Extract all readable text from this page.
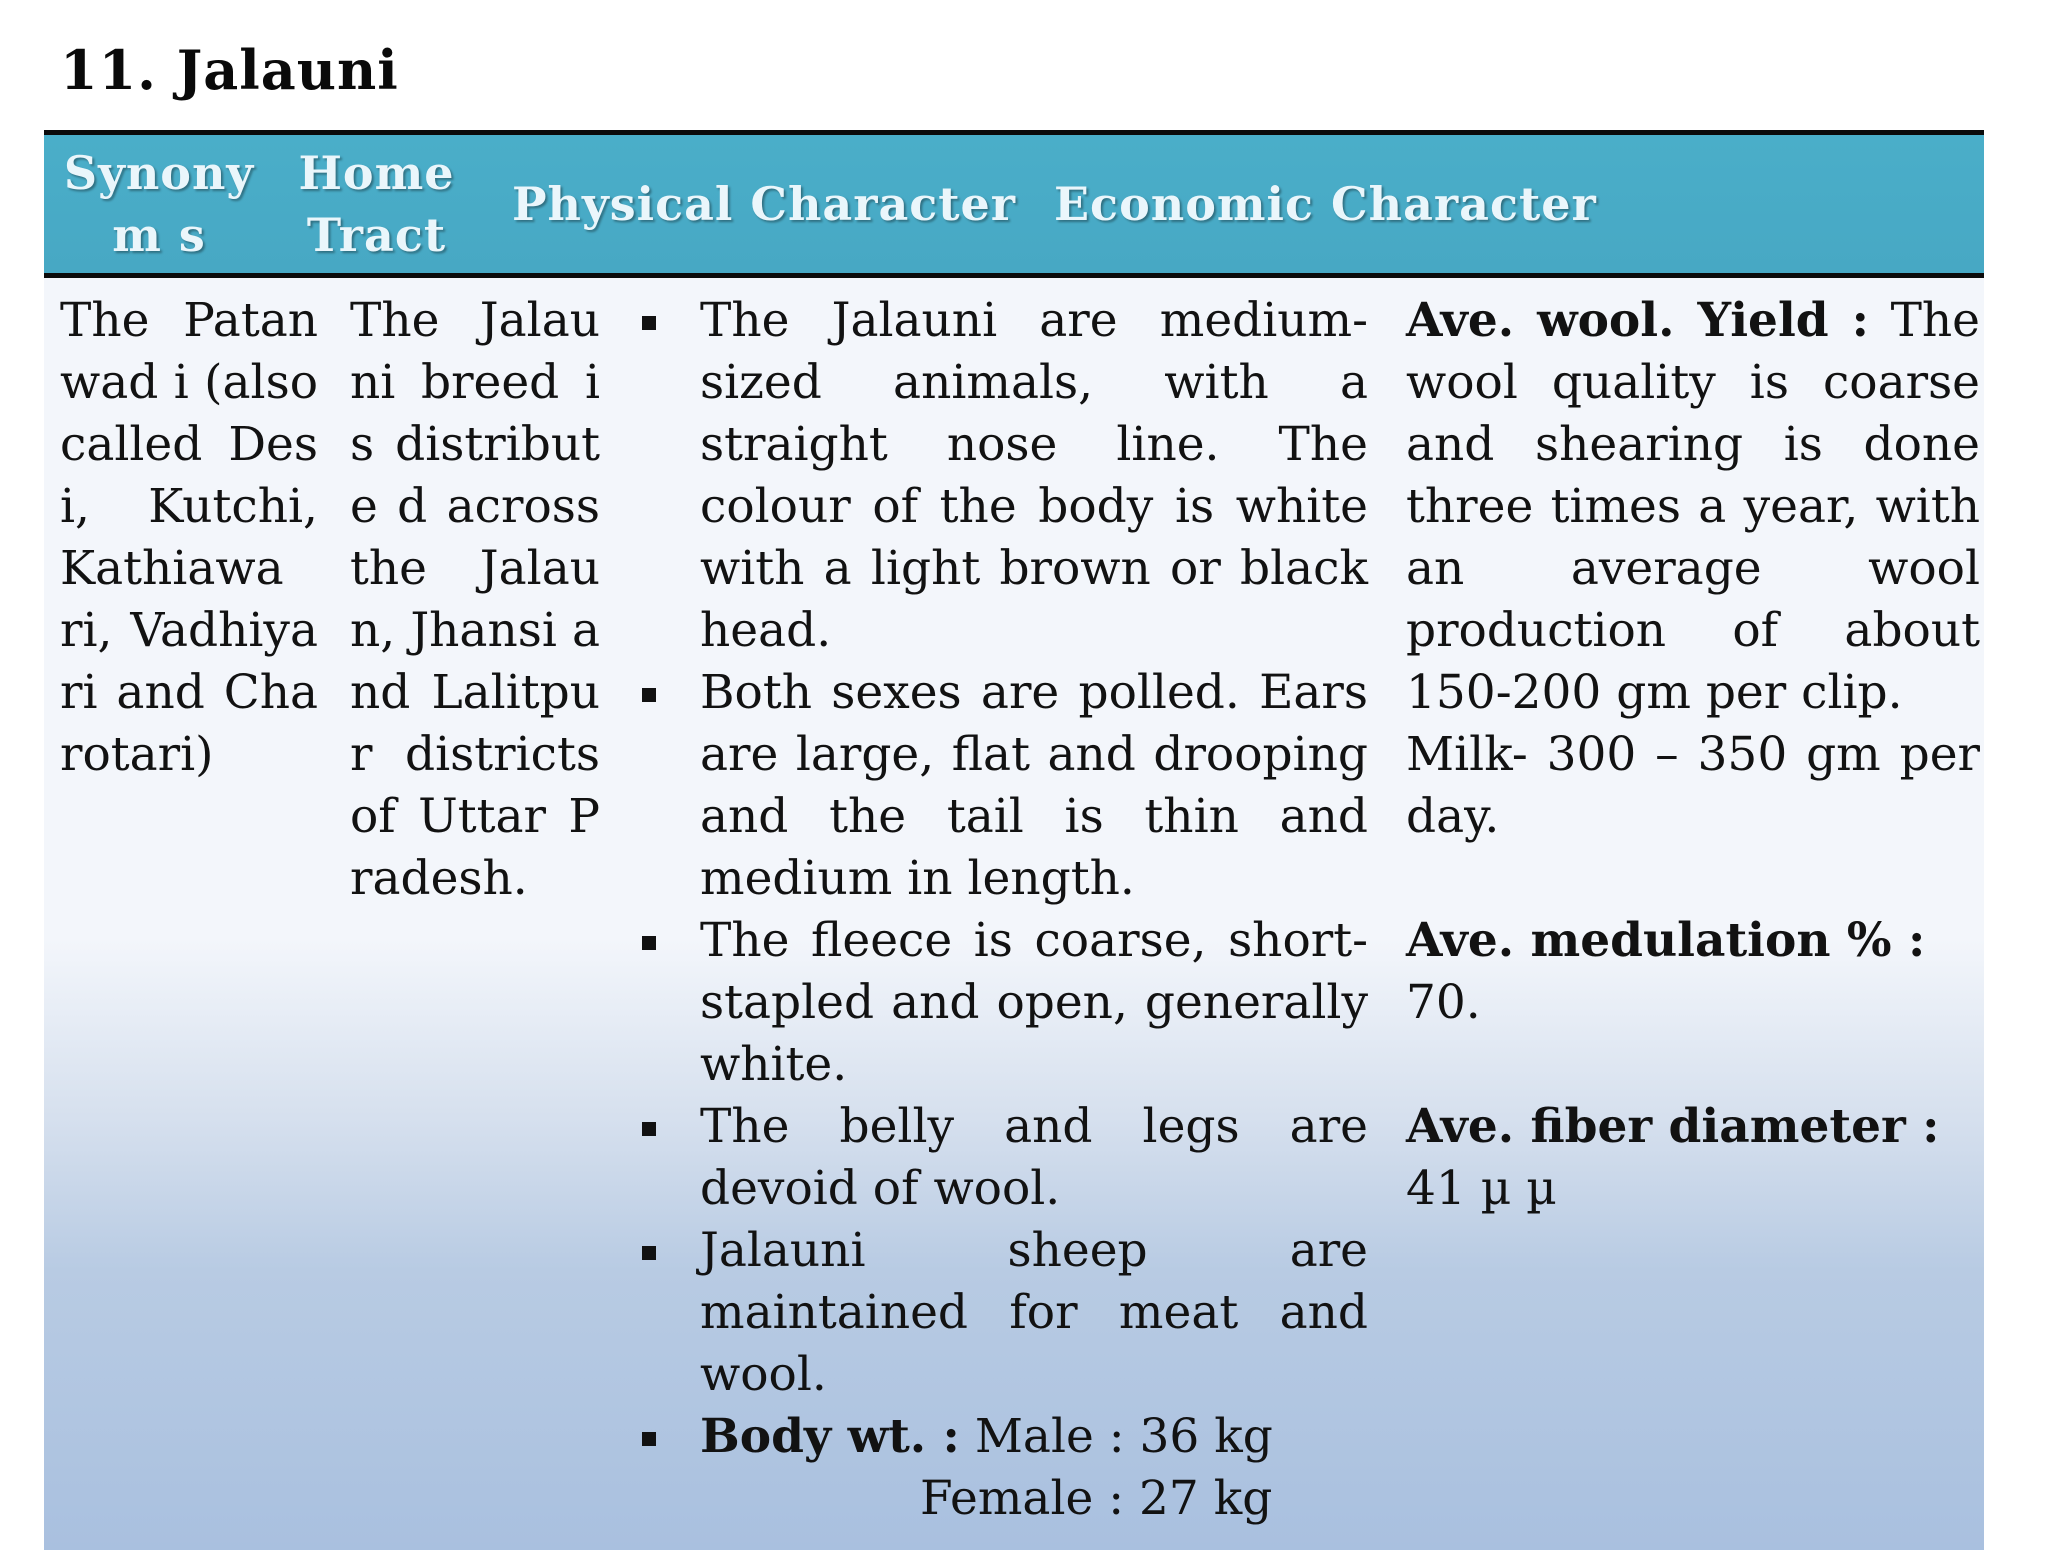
11. Jalauni
Synonym s
Home Tract
Physical Character Economic Character

The Patanwad i (also called Desi, Kutchi, Kathiawa ri, Vadhiyari and Charotari)

The Jalauni breed is distribute d across the Jalaun, Jhansi and Lalitpur districts of Uttar Pradesh.

The Jalauni are medium-sized animals, with a straight nose line. The colour of the body is white with a light brown or black head.
Both sexes are polled. Ears are large, flat and drooping and the tail is thin and medium in length.
The fleece is coarse, short-stapled and open, generally white.
The belly and legs are devoid of wool.
Jalauni sheep are maintained for meat and wool.
Body wt. : Male : 36 kg
Female : 27 kg

Ave. wool. Yield : The wool quality is coarse and shearing is done three times a year, with an average wool production of about 150-200 gm per clip.

Milk- 300 – 350 gm per day.

Ave. medulation % :
70.

Ave. fiber diameter :
41 µ µ
